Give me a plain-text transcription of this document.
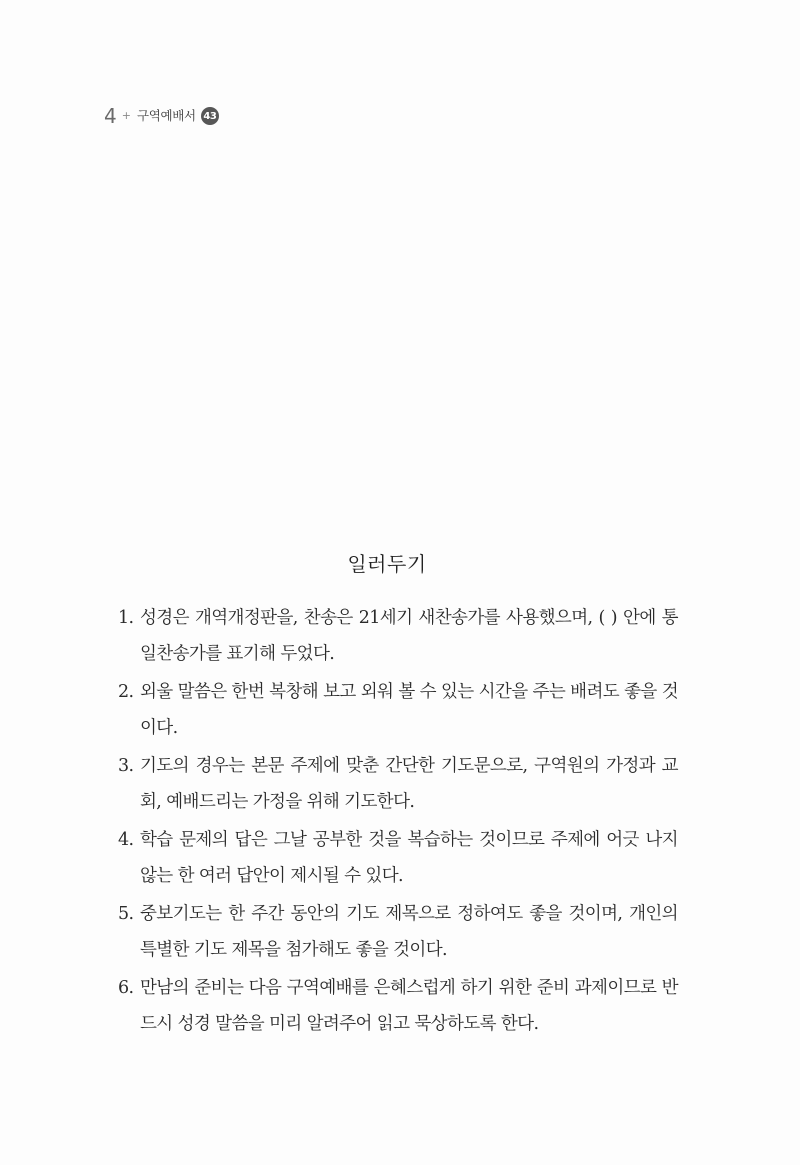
4 + 구역예배서 43
일러두기
1. 성경은 개역개정판을, 찬송은 21세기 새찬송가를 사용했으며, ( ) 안에 통일찬송가를 표기해 두었다.
2. 외울 말씀은 한번 복창해 보고 외워 볼 수 있는 시간을 주는 배려도 좋을 것이다.
3. 기도의 경우는 본문 주제에 맞춘 간단한 기도문으로, 구역원의 가정과 교회, 예배드리는 가정을 위해 기도한다.
4. 학습 문제의 답은 그날 공부한 것을 복습하는 것이므로 주제에 어긋 나지 않는 한 여러 답안이 제시될 수 있다.
5. 중보기도는 한 주간 동안의 기도 제목으로 정하여도 좋을 것이며, 개인의 특별한 기도 제목을 첨가해도 좋을 것이다.
6. 만남의 준비는 다음 구역예배를 은혜스럽게 하기 위한 준비 과제이므로 반드시 성경 말씀을 미리 알려주어 읽고 묵상하도록 한다.
